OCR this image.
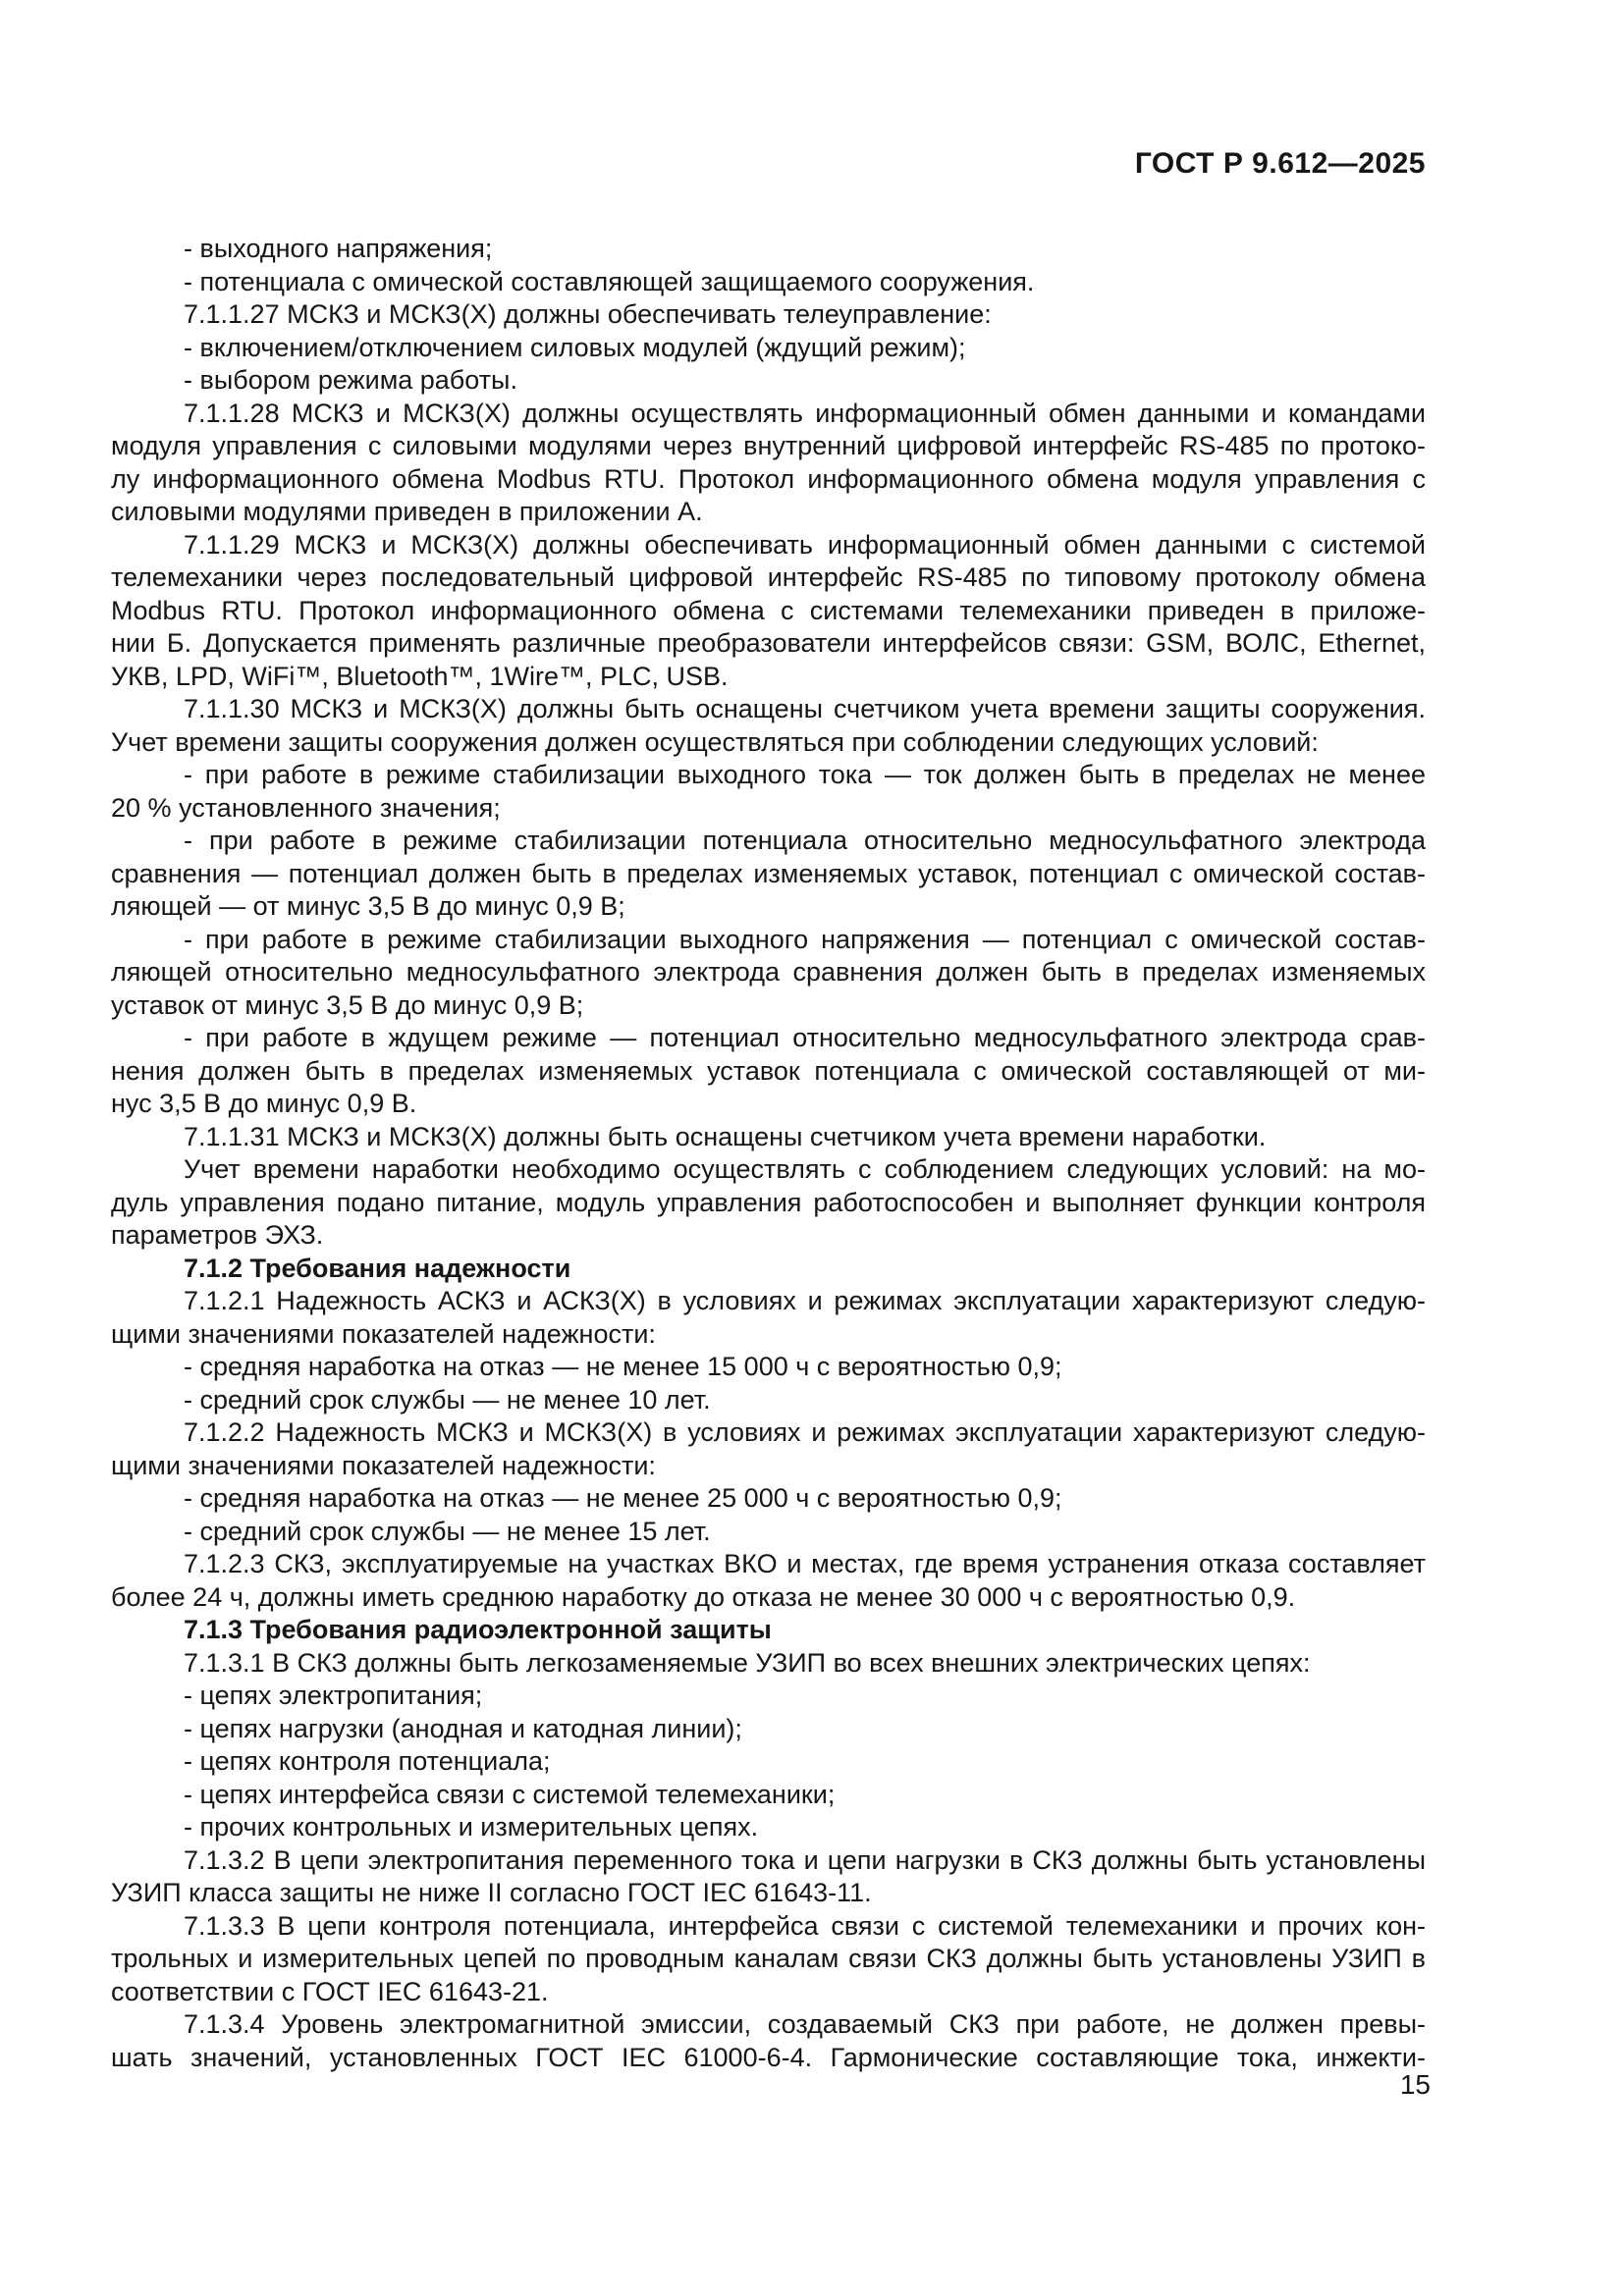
ГОСТ Р 9.612—2025
- выходного напряжения;
- потенциала с омической составляющей защищаемого сооружения.
7.1.1.27 МСКЗ и МСКЗ(Х) должны обеспечивать телеуправление:
- включением/отключением силовых модулей (ждущий режим);
- выбором режима работы.
7.1.1.28 МСКЗ и МСКЗ(Х) должны осуществлять информационный обмен данными и командами
модуля управления с силовыми модулями через внутренний цифровой интерфейс RS-485 по протоко-
лу информационного обмена Modbus RTU. Протокол информационного обмена модуля управления с
силовыми модулями приведен в приложении А.
7.1.1.29 МСКЗ и МСКЗ(Х) должны обеспечивать информационный обмен данными с системой
телемеханики через последовательный цифровой интерфейс RS-485 по типовому протоколу обмена
Modbus RTU. Протокол информационного обмена с системами телемеханики приведен в приложе-
нии Б. Допускается применять различные преобразователи интерфейсов связи: GSM, ВОЛС, Ethernet,
УКВ, LPD, WiFi™, Bluetooth™, 1Wire™, PLC, USB.
7.1.1.30 МСКЗ и МСКЗ(Х) должны быть оснащены счетчиком учета времени защиты сооружения.
Учет времени защиты сооружения должен осуществляться при соблюдении следующих условий:
- при работе в режиме стабилизации выходного тока — ток должен быть в пределах не менее
20 % установленного значения;
- при работе в режиме стабилизации потенциала относительно медносульфатного электрода
сравнения — потенциал должен быть в пределах изменяемых уставок, потенциал с омической состав-
ляющей — от минус 3,5 В до минус 0,9 В;
- при работе в режиме стабилизации выходного напряжения — потенциал с омической состав-
ляющей относительно медносульфатного электрода сравнения должен быть в пределах изменяемых
уставок от минус 3,5 В до минус 0,9 В;
- при работе в ждущем режиме — потенциал относительно медносульфатного электрода срав-
нения должен быть в пределах изменяемых уставок потенциала с омической составляющей от ми-
нус 3,5 В до минус 0,9 В.
7.1.1.31 МСКЗ и МСКЗ(Х) должны быть оснащены счетчиком учета времени наработки.
Учет времени наработки необходимо осуществлять с соблюдением следующих условий: на мо-
дуль управления подано питание, модуль управления работоспособен и выполняет функции контроля
параметров ЭХЗ.
7.1.2 Требования надежности
7.1.2.1 Надежность АСКЗ и АСКЗ(Х) в условиях и режимах эксплуатации характеризуют следую-
щими значениями показателей надежности:
- средняя наработка на отказ — не менее 15 000 ч с вероятностью 0,9;
- средний срок службы — не менее 10 лет.
7.1.2.2 Надежность МСКЗ и МСКЗ(Х) в условиях и режимах эксплуатации характеризуют следую-
щими значениями показателей надежности:
- средняя наработка на отказ — не менее 25 000 ч с вероятностью 0,9;
- средний срок службы — не менее 15 лет.
7.1.2.3 СКЗ, эксплуатируемые на участках ВКО и местах, где время устранения отказа составляет
более 24 ч, должны иметь среднюю наработку до отказа не менее 30 000 ч с вероятностью 0,9.
7.1.3 Требования радиоэлектронной защиты
7.1.3.1 В СКЗ должны быть легкозаменяемые УЗИП во всех внешних электрических цепях:
- цепях электропитания;
- цепях нагрузки (анодная и катодная линии);
- цепях контроля потенциала;
- цепях интерфейса связи с системой телемеханики;
- прочих контрольных и измерительных цепях.
7.1.3.2 В цепи электропитания переменного тока и цепи нагрузки в СКЗ должны быть установлены
УЗИП класса защиты не ниже II согласно ГОСТ IEC 61643-11.
7.1.3.3 В цепи контроля потенциала, интерфейса связи с системой телемеханики и прочих кон-
трольных и измерительных цепей по проводным каналам связи СКЗ должны быть установлены УЗИП в
соответствии с ГОСТ IEC 61643-21.
7.1.3.4 Уровень электромагнитной эмиссии, создаваемый СКЗ при работе, не должен превы-
шать значений, установленных ГОСТ IEC 61000-6-4. Гармонические составляющие тока, инжекти-
15
